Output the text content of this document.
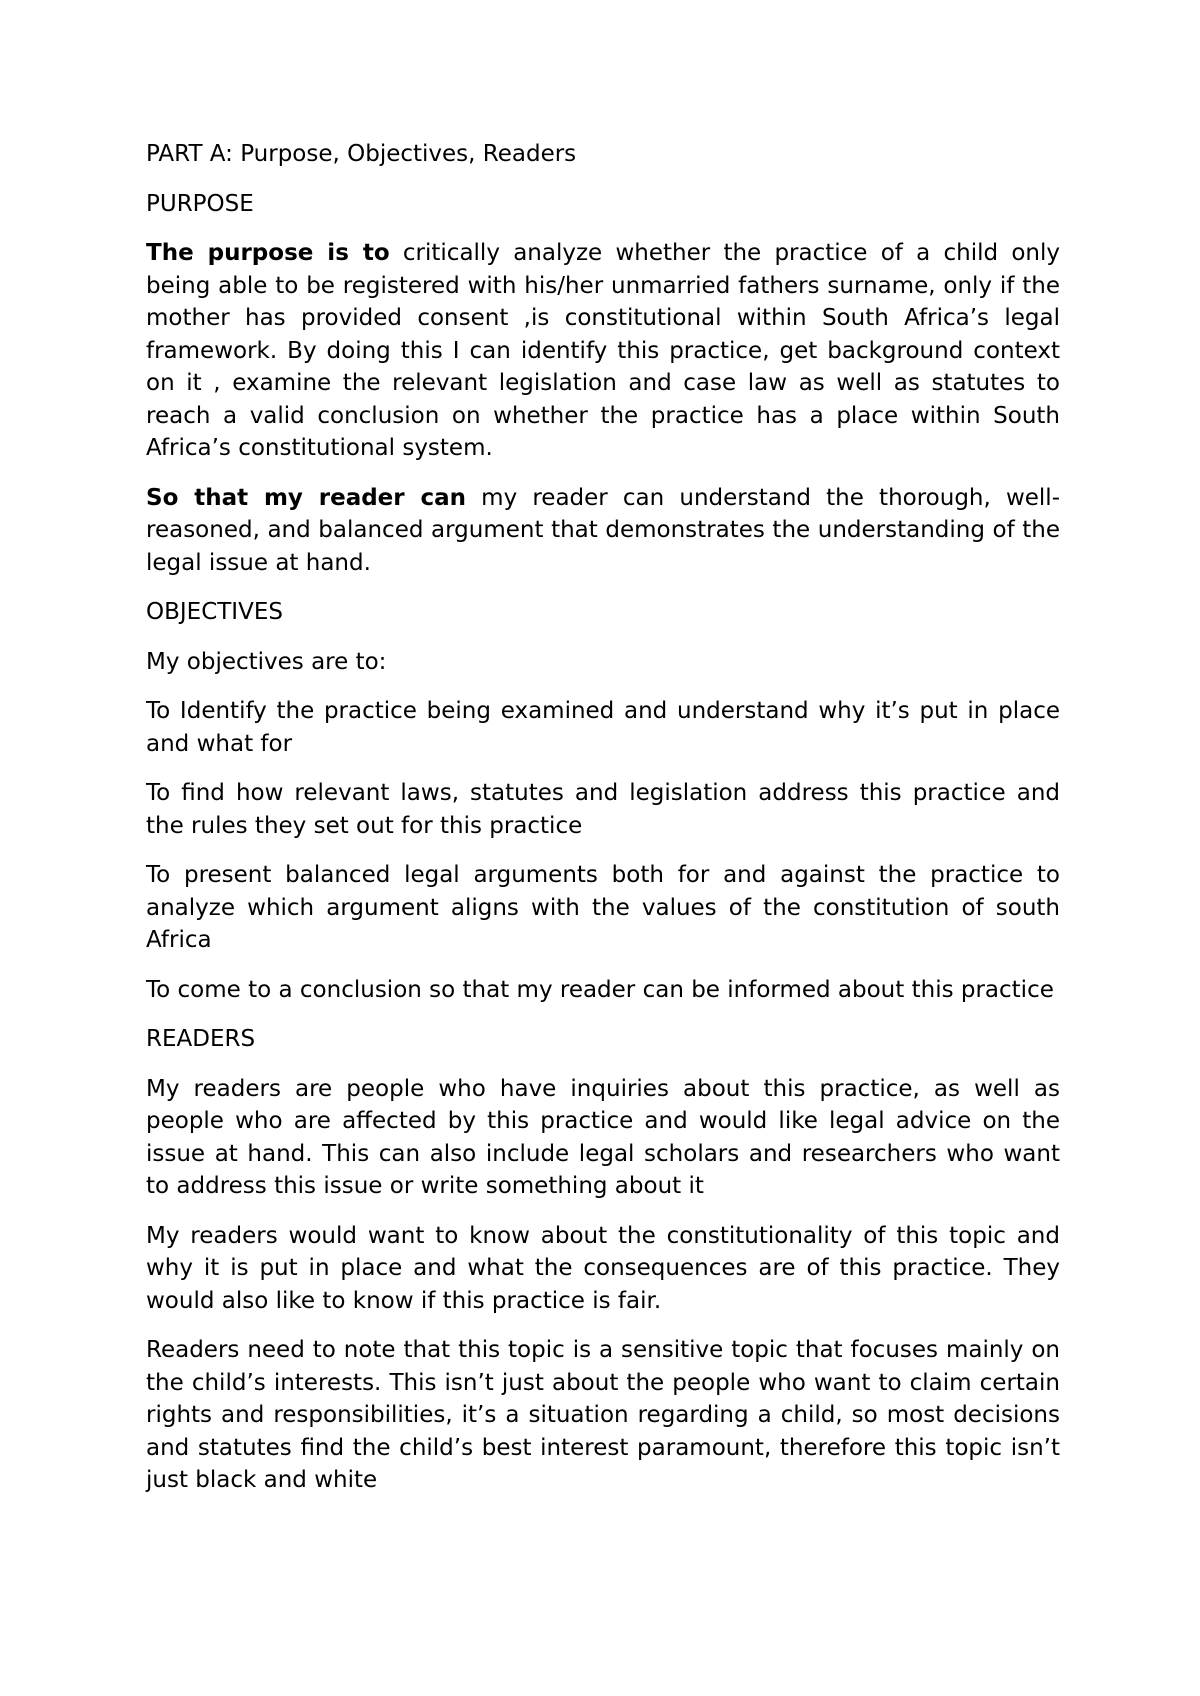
PART A: Purpose, Objectives, Readers

PURPOSE

The purpose is to critically analyze whether the practice of a child only being able to be registered with his/her unmarried fathers surname, only if the mother has provided consent ,is constitutional within South Africa’s legal framework. By doing this I can identify this practice, get background context on it , examine the relevant legislation and case law as well as statutes to reach a valid conclusion on whether the practice has a place within South Africa’s constitutional system.

So that my reader can my reader can understand the thorough, well-reasoned, and balanced argument that demonstrates the understanding of the legal issue at hand.

OBJECTIVES

My objectives are to:

To Identify the practice being examined and understand why it’s put in place and what for

To find how relevant laws, statutes and legislation address this practice and the rules they set out for this practice

To present balanced legal arguments both for and against the practice to analyze which argument aligns with the values of the constitution of south Africa

To come to a conclusion so that my reader can be informed about this practice

READERS

My readers are people who have inquiries about this practice, as well as people who are affected by this practice and would like legal advice on the issue at hand. This can also include legal scholars and researchers who want to address this issue or write something about it

My readers would want to know about the constitutionality of this topic and why it is put in place and what the consequences are of this practice. They would also like to know if this practice is fair.

Readers need to note that this topic is a sensitive topic that focuses mainly on the child’s interests. This isn’t just about the people who want to claim certain rights and responsibilities, it’s a situation regarding a child, so most decisions and statutes find the child’s best interest paramount, therefore this topic isn’t just black and white
